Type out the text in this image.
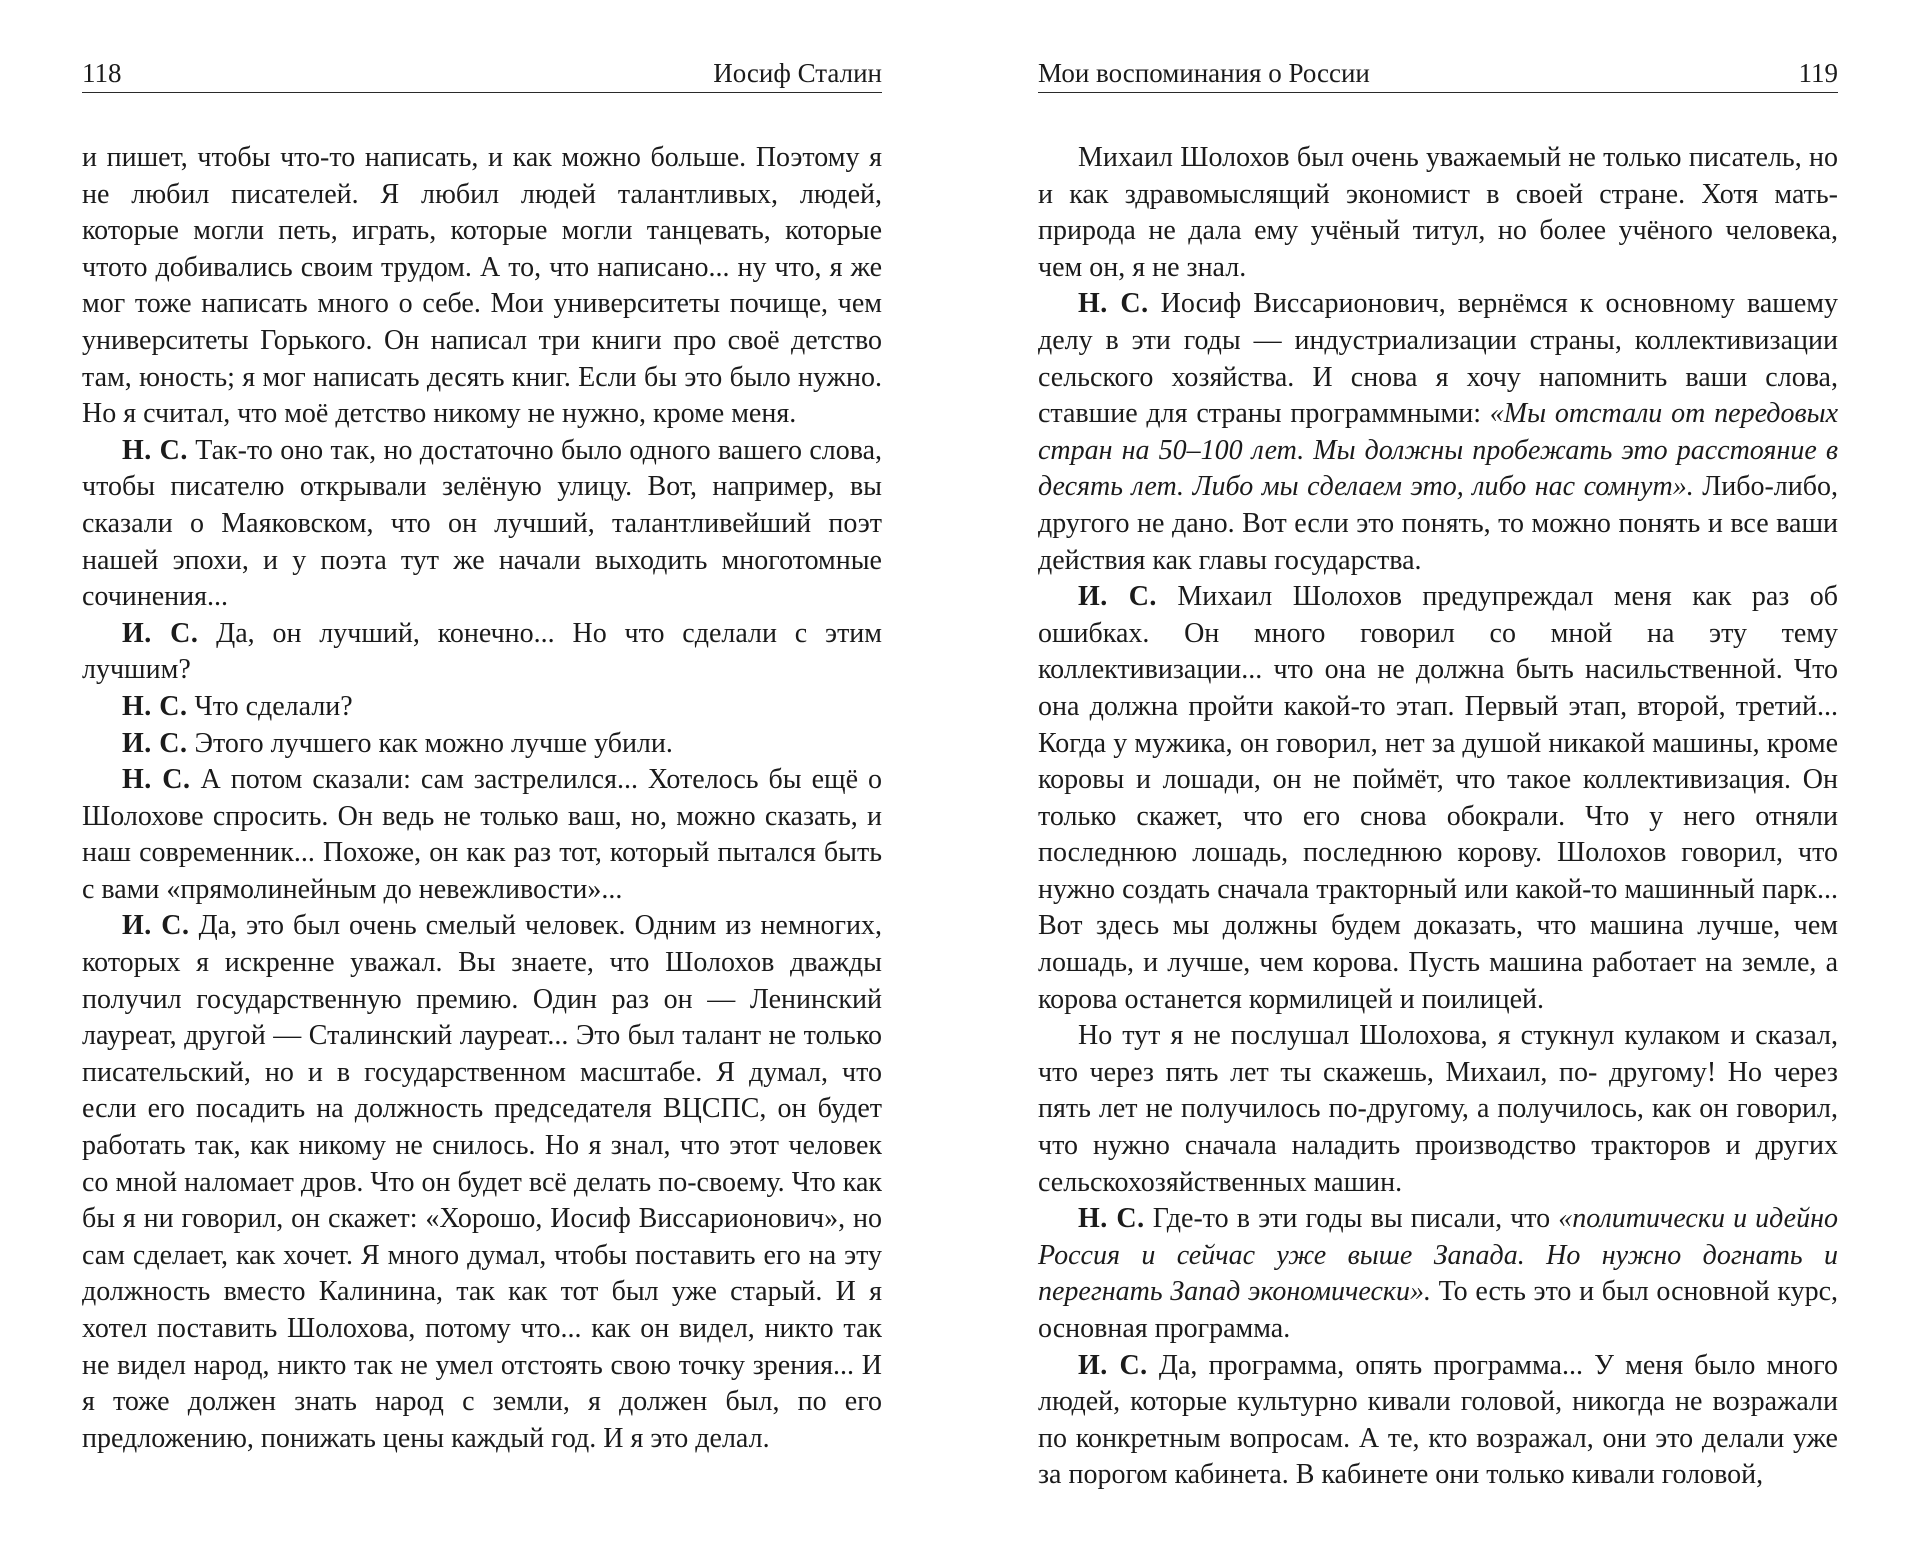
118	Иосиф Сталин

и пишет, чтобы что-то написать, и как можно больше. Поэтому я не любил писателей. Я любил людей талантливых, людей, которые могли петь, играть, которые могли танцевать, которые чтото добивались своим трудом. А то, что написано... ну что, я же мог тоже написать много о себе. Мои университеты почище, чем университеты Горького. Он написал три книги про своё детство там, юность; я мог написать десять книг. Если бы это было нужно. Но я считал, что моё детство никому не нужно, кроме меня.

Н. С. Так-то оно так, но достаточно было одного вашего слова, чтобы писателю открывали зелёную улицу. Вот, например, вы сказали о Маяковском, что он лучший, талантливейший поэт нашей эпохи, и у поэта тут же начали выходить многотомные сочинения...

И. С. Да, он лучший, конечно... Но что сделали с этим лучшим?

Н. С. Что сделали?

И. С. Этого лучшего как можно лучше убили.

Н. С. А потом сказали: сам застрелился... Хотелось бы ещё о Шолохове спросить. Он ведь не только ваш, но, можно сказать, и наш современник... Похоже, он как раз тот, который пытался быть с вами «прямолинейным до невежливости»...

И. С. Да, это был очень смелый человек. Одним из немногих, которых я искренне уважал. Вы знаете, что Шолохов дважды получил государственную премию. Один раз он — Ленинский лауреат, другой — Сталинский лауреат... Это был талант не только писательский, но и в государственном масштабе. Я думал, что если его посадить на должность председателя ВЦСПС, он будет работать так, как никому не снилось. Но я знал, что этот человек со мной наломает дров. Что он будет всё делать по-своему. Что как бы я ни говорил, он скажет: «Хорошо, Иосиф Виссарионович», но сам сделает, как хочет. Я много думал, чтобы поставить его на эту должность вместо Калинина, так как тот был уже старый. И я хотел поставить Шолохова, потому что... как он видел, никто так не видел народ, никто так не умел отстоять свою точку зрения... И я тоже должен знать народ с земли, я должен был, по его предложению, понижать цены каждый год. И я это делал.

Мои воспоминания о России	119

Михаил Шолохов был очень уважаемый не только писатель, но и как здравомыслящий экономист в своей стране. Хотя мать-природа не дала ему учёный титул, но более учёного человека, чем он, я не знал.

Н. С. Иосиф Виссарионович, вернёмся к основному вашему делу в эти годы — индустриализации страны, коллективизации сельского хозяйства. И снова я хочу напомнить ваши слова, ставшие для страны программными: «Мы отстали от передовых стран на 50–100 лет. Мы должны пробежать это расстояние в десять лет. Либо мы сделаем это, либо нас сомнут». Либо-либо, другого не дано. Вот если это понять, то можно понять и все ваши действия как главы государства.

И. С. Михаил Шолохов предупреждал меня как раз об ошибках. Он много говорил со мной на эту тему коллективизации... что она не должна быть насильственной. Что она должна пройти какой-то этап. Первый этап, второй, третий... Когда у мужика, он говорил, нет за душой никакой машины, кроме коровы и лошади, он не поймёт, что такое коллективизация. Он только скажет, что его снова обокрали. Что у него отняли последнюю лошадь, последнюю корову. Шолохов говорил, что нужно создать сначала тракторный или какой-то машинный парк... Вот здесь мы должны будем доказать, что машина лучше, чем лошадь, и лучше, чем корова. Пусть машина работает на земле, а корова останется кормилицей и поилицей.

Но тут я не послушал Шолохова, я стукнул кулаком и сказал, что через пять лет ты скажешь, Михаил, по- другому! Но через пять лет не получилось по-другому, а получилось, как он говорил, что нужно сначала наладить производство тракторов и других сельскохозяйственных машин.

Н. С. Где-то в эти годы вы писали, что «политически и идейно Россия и сейчас уже выше Запада. Но нужно догнать и перегнать Запад экономически». То есть это и был основной курс, основная программа.

И. С. Да, программа, опять программа... У меня было много людей, которые культурно кивали головой, никогда не возражали по конкретным вопросам. А те, кто возражал, они это делали уже за порогом кабинета. В кабинете они только кивали головой,
